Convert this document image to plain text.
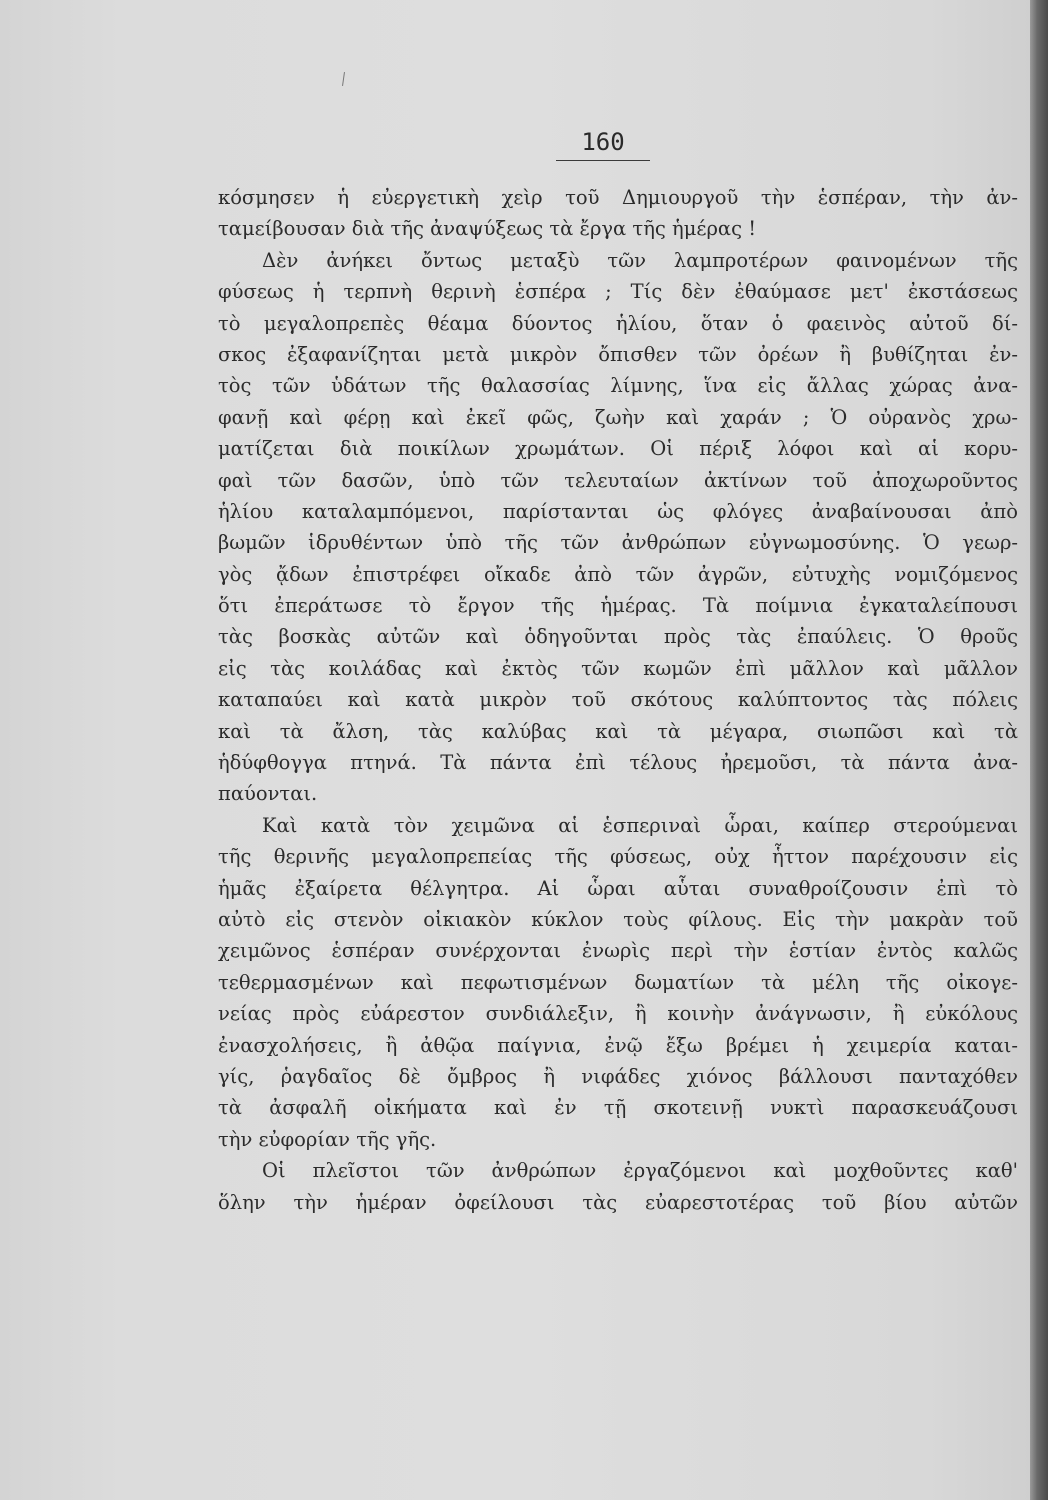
160
κόσμησεν ἡ εὐεργετικὴ χεὶρ τοῦ Δημιουργοῦ τὴν ἑσπέραν, τὴν ἀν-
ταμείβουσαν διὰ τῆς ἀναψύξεως τὰ ἔργα τῆς ἡμέρας !
Δὲν ἀνήκει ὄντως μεταξὺ τῶν λαμπροτέρων φαινομένων τῆς
φύσεως ἡ τερπνὴ θερινὴ ἑσπέρα ; Τίς δὲν ἐθαύμασε μετ' ἐκστάσεως
τὸ μεγαλοπρεπὲς θέαμα δύοντος ἡλίου, ὅταν ὁ φαεινὸς αὐτοῦ δί-
σκος ἐξαφανίζηται μετὰ μικρὸν ὄπισθεν τῶν ὀρέων ἢ βυθίζηται ἐν-
τὸς τῶν ὑδάτων τῆς θαλασσίας λίμνης, ἵνα εἰς ἄλλας χώρας ἀνα-
φανῇ καὶ φέρῃ καὶ ἐκεῖ φῶς, ζωὴν καὶ χαράν ; Ὁ οὐρανὸς χρω-
ματίζεται διὰ ποικίλων χρωμάτων. Οἱ πέριξ λόφοι καὶ αἱ κορυ-
φαὶ τῶν δασῶν, ὑπὸ τῶν τελευταίων ἀκτίνων τοῦ ἀποχωροῦντος
ἡλίου καταλαμπόμενοι, παρίστανται ὡς φλόγες ἀναβαίνουσαι ἀπὸ
βωμῶν ἱδρυθέντων ὑπὸ τῆς τῶν ἀνθρώπων εὐγνωμοσύνης. Ὁ γεωρ-
γὸς ᾄδων ἐπιστρέφει οἴκαδε ἀπὸ τῶν ἀγρῶν, εὐτυχὴς νομιζόμενος
ὅτι ἐπεράτωσε τὸ ἔργον τῆς ἡμέρας. Τὰ ποίμνια ἐγκαταλείπουσι
τὰς βοσκὰς αὐτῶν καὶ ὁδηγοῦνται πρὸς τὰς ἐπαύλεις. Ὁ θροῦς
εἰς τὰς κοιλάδας καὶ ἐκτὸς τῶν κωμῶν ἐπὶ μᾶλλον καὶ μᾶλλον
καταπαύει καὶ κατὰ μικρὸν τοῦ σκότους καλύπτοντος τὰς πόλεις
καὶ τὰ ἄλση, τὰς καλύβας καὶ τὰ μέγαρα, σιωπῶσι καὶ τὰ
ἡδύφθογγα πτηνά. Τὰ πάντα ἐπὶ τέλους ἠρεμοῦσι, τὰ πάντα ἀνα-
παύονται.
Καὶ κατὰ τὸν χειμῶνα αἱ ἑσπεριναὶ ὧραι, καίπερ στερούμεναι
τῆς θερινῆς μεγαλοπρεπείας τῆς φύσεως, οὐχ ἧττον παρέχουσιν εἰς
ἡμᾶς ἐξαίρετα θέλγητρα. Αἱ ὧραι αὗται συναθροίζουσιν ἐπὶ τὸ
αὐτὸ εἰς στενὸν οἰκιακὸν κύκλον τοὺς φίλους. Εἰς τὴν μακρὰν τοῦ
χειμῶνος ἑσπέραν συνέρχονται ἐνωρὶς περὶ τὴν ἑστίαν ἐντὸς καλῶς
τεθερμασμένων καὶ πεφωτισμένων δωματίων τὰ μέλη τῆς οἰκογε-
νείας πρὸς εὐάρεστον συνδιάλεξιν, ἢ κοινὴν ἀνάγνωσιν, ἢ εὐκόλους
ἐνασχολήσεις, ἢ ἀθῷα παίγνια, ἐνῷ ἔξω βρέμει ἡ χειμερία καται-
γίς, ῥαγδαῖος δὲ ὄμβρος ἢ νιφάδες χιόνος βάλλουσι πανταχόθεν
τὰ ἀσφαλῆ οἰκήματα καὶ ἐν τῇ σκοτεινῇ νυκτὶ παρασκευάζουσι
τὴν εὐφορίαν τῆς γῆς.
Οἱ πλεῖστοι τῶν ἀνθρώπων ἐργαζόμενοι καὶ μοχθοῦντες καθ'
ὅλην τὴν ἡμέραν ὀφείλουσι τὰς εὐαρεστοτέρας τοῦ βίου αὐτῶν
